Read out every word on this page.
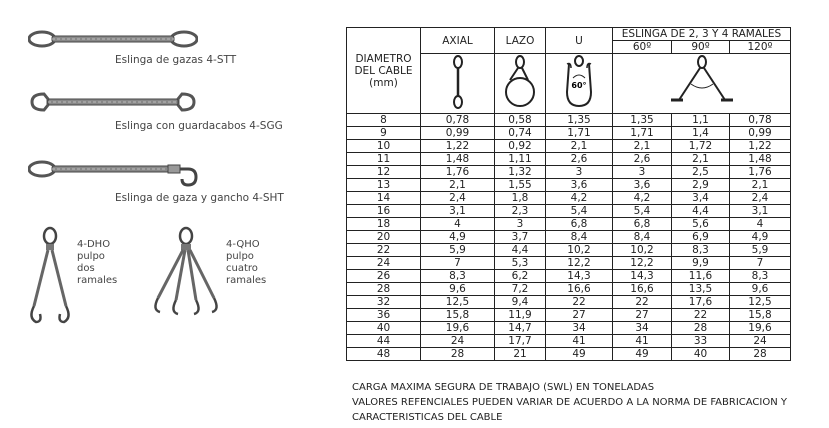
Eslinga de gazas 4-STT
Eslinga con guardacabos 4-SGG
Eslinga de gaza y gancho 4-SHT
4-DHO
pulpo
dos
ramales
4-QHO
pulpo
cuatro
ramales
DIAMETRO
DEL CABLE
(mm)	AXIAL	LAZO	U	ESLINGA DE 2, 3 Y 4 RAMALES		
				60º	90º	120º

60°

8	0,78	0,58	1,35	1,35	1,1	0,78
9	0,99	0,74	1,71	1,71	1,4	0,99
10	1,22	0,92	2,1	2,1	1,72	1,22
11	1,48	1,11	2,6	2,6	2,1	1,48
12	1,76	1,32	3	3	2,5	1,76
13	2,1	1,55	3,6	3,6	2,9	2,1
14	2,4	1,8	4,2	4,2	3,4	2,4
16	3,1	2,3	5,4	5,4	4,4	3,1
18	4	3	6,8	6,8	5,6	4
20	4,9	3,7	8,4	8,4	6,9	4,9
22	5,9	4,4	10,2	10,2	8,3	5,9
24	7	5,3	12,2	12,2	9,9	7
26	8,3	6,2	14,3	14,3	11,6	8,3
28	9,6	7,2	16,6	16,6	13,5	9,6
32	12,5	9,4	22	22	17,6	12,5
36	15,8	11,9	27	27	22	15,8
40	19,6	14,7	34	34	28	19,6
44	24	17,7	41	41	33	24
48	28	21	49	49	40	28
CARGA MAXIMA SEGURA DE TRABAJO (SWL) EN TONELADAS
VALORES REFENCIALES PUEDEN VARIAR DE ACUERDO A LA NORMA DE FABRICACION Y
CARACTERISTICAS DEL CABLE
